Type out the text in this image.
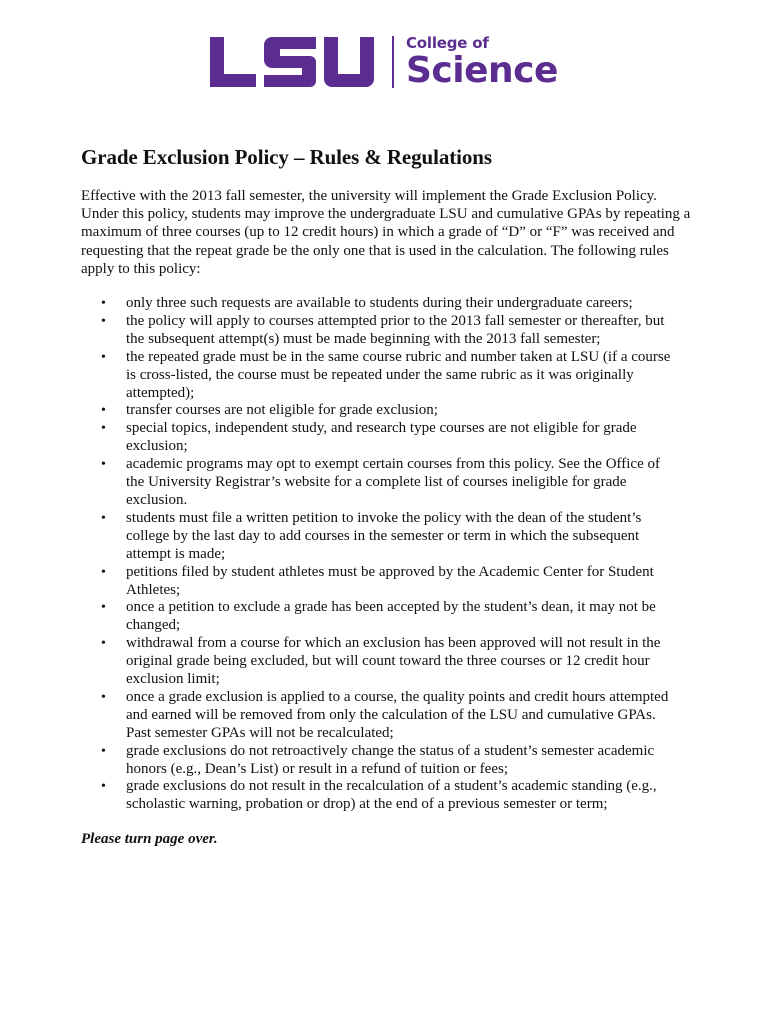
College of
Science
Grade Exclusion Policy – Rules & Regulations

Effective with the 2013 fall semester, the university will implement the Grade Exclusion Policy. Under this policy, students may improve the undergraduate LSU and cumulative GPAs by repeating a maximum of three courses (up to 12 credit hours) in which a grade of “D” or “F” was received and requesting that the repeat grade be the only one that is used in the calculation. The following rules apply to this policy:

• only three such requests are available to students during their undergraduate careers;
• the policy will apply to courses attempted prior to the 2013 fall semester or thereafter, but the subsequent attempt(s) must be made beginning with the 2013 fall semester;
• the repeated grade must be in the same course rubric and number taken at LSU (if a course is cross-listed, the course must be repeated under the same rubric as it was originally attempted);
• transfer courses are not eligible for grade exclusion;
• special topics, independent study, and research type courses are not eligible for grade exclusion;
• academic programs may opt to exempt certain courses from this policy. See the Office of the University Registrar’s website for a complete list of courses ineligible for grade exclusion.
• students must file a written petition to invoke the policy with the dean of the student’s college by the last day to add courses in the semester or term in which the subsequent attempt is made;
• petitions filed by student athletes must be approved by the Academic Center for Student Athletes;
• once a petition to exclude a grade has been accepted by the student’s dean, it may not be changed;
• withdrawal from a course for which an exclusion has been approved will not result in the original grade being excluded, but will count toward the three courses or 12 credit hour exclusion limit;
• once a grade exclusion is applied to a course, the quality points and credit hours attempted and earned will be removed from only the calculation of the LSU and cumulative GPAs. Past semester GPAs will not be recalculated;
• grade exclusions do not retroactively change the status of a student’s semester academic honors (e.g., Dean’s List) or result in a refund of tuition or fees;
• grade exclusions do not result in the recalculation of a student’s academic standing (e.g., scholastic warning, probation or drop) at the end of a previous semester or term;

Please turn page over.
